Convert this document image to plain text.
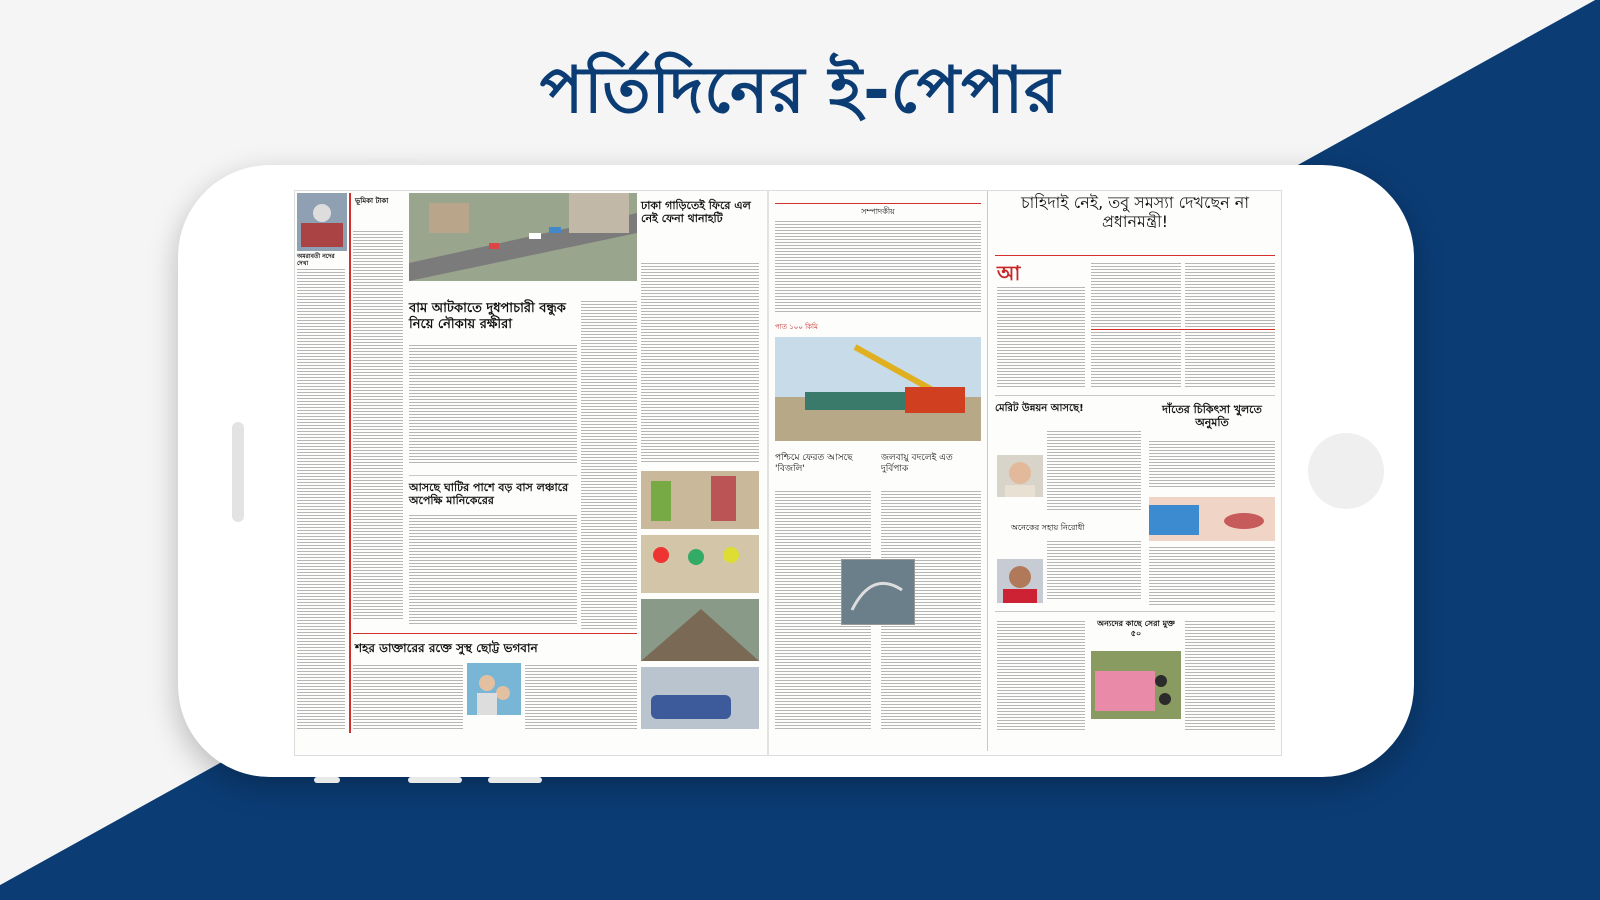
পর্তিদিনের ই-পেপার
অমরাবতী নদের দেখা
ভূমিকা টাকা
বাম আটকাতে দুধপাচারী বন্ধুক নিয়ে নৌকায় রক্ষীরা
আসছে ঘাটির পাশে বড় বাস লঞ্চারে অপেক্ষি মানিকেরের
শহর ডাক্তারের রক্তে সুস্থ ছোট্ট ভগবান
ঢাকা গাড়িতেই ফিরে এল নেই ফেনা থানাহটি
সম্পাদকীয়
পাত ১০০ কিমি
পশ্চিমে ফেরত আসছে 'বিজলি'
জলবায়ু বদলেই এত দুর্বিপাক
চাহিদাই নেই, তবু সমস্যা দেখছেন না প্রধানমন্ত্রী!
আ
মেরিট উন্নয়ন আসছে!	দাঁতের চিকিৎসা খুলতে অনুমতি
অনেকের সহায় নিরোধী
অন্যদের কাছে সেরা মুক্ত ৫০
